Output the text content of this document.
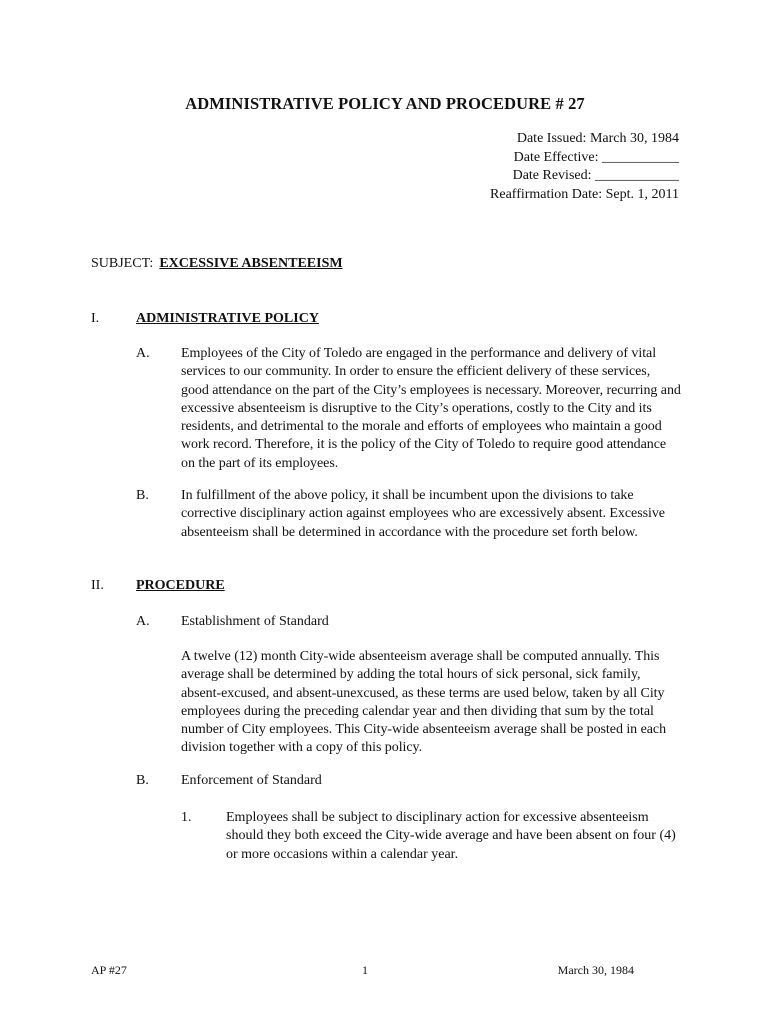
ADMINISTRATIVE POLICY AND PROCEDURE # 27
Date Issued: March 30, 1984
Date Effective: ___________
Date Revised: ____________
Reaffirmation Date: Sept. 1, 2011
SUBJECT: EXCESSIVE ABSENTEEISM
I.	ADMINISTRATIVE POLICY
A. Employees of the City of Toledo are engaged in the performance and delivery of vital services to our community. In order to ensure the efficient delivery of these services, good attendance on the part of the City’s employees is necessary. Moreover, recurring and excessive absenteeism is disruptive to the City’s operations, costly to the City and its residents, and detrimental to the morale and efforts of employees who maintain a good work record. Therefore, it is the policy of the City of Toledo to require good attendance on the part of its employees.
B. In fulfillment of the above policy, it shall be incumbent upon the divisions to take corrective disciplinary action against employees who are excessively absent. Excessive absenteeism shall be determined in accordance with the procedure set forth below.
II. PROCEDURE
A. Establishment of Standard
A twelve (12) month City-wide absenteeism average shall be computed annually. This average shall be determined by adding the total hours of sick personal, sick family, absent-excused, and absent-unexcused, as these terms are used below, taken by all City employees during the preceding calendar year and then dividing that sum by the total number of City employees. This City-wide absenteeism average shall be posted in each division together with a copy of this policy.
B. Enforcement of Standard
1. Employees shall be subject to disciplinary action for excessive absenteeism should they both exceed the City-wide average and have been absent on four (4) or more occasions within a calendar year.
AP #27	1	March 30, 1984
